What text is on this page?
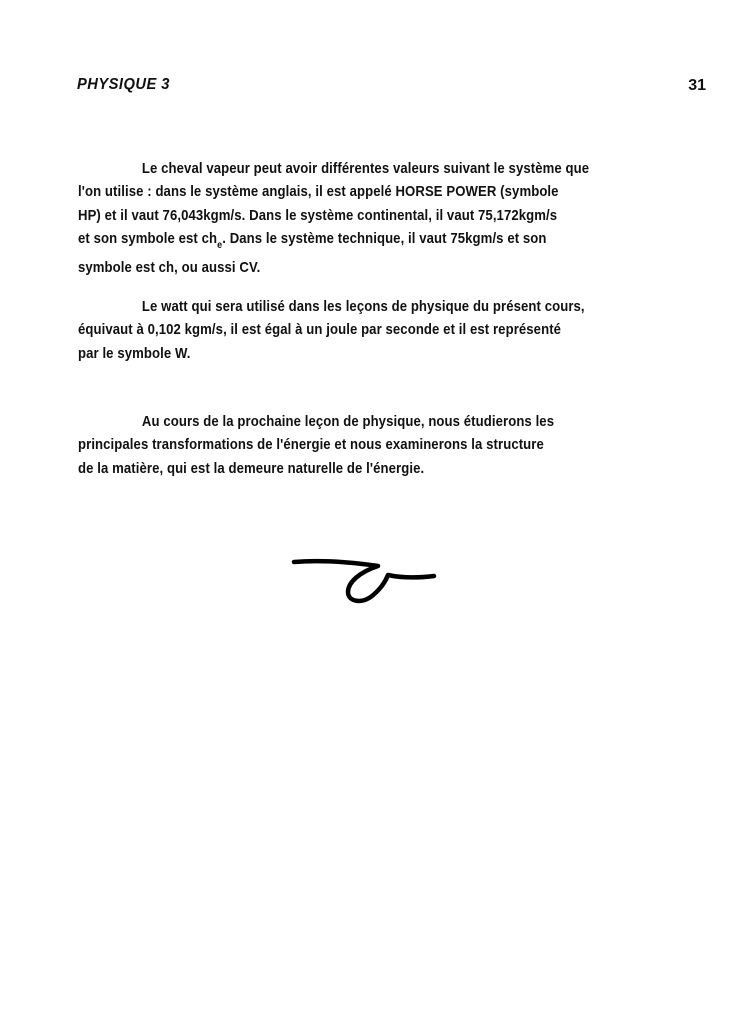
PHYSIQUE 3	31
Le cheval vapeur peut avoir différentes valeurs suivant le système que
l'on utilise : dans le système anglais, il est appelé HORSE POWER (symbole
HP) et il vaut 76,043kgm/s. Dans le système continental, il vaut 75,172kgm/s
et son symbole est $ch_e$. Dans le système technique, il vaut 75kgm/s et son
symbole est ch, ou aussi CV.
Le watt qui sera utilisé dans les leçons de physique du présent cours,
équivaut à 0,102 kgm/s, il est égal à un joule par seconde et il est représenté
par le symbole W.
Au cours de la prochaine leçon de physique, nous étudierons les
principales transformations de l'énergie et nous examinerons la structure
de la matière, qui est la demeure naturelle de l'énergie.
